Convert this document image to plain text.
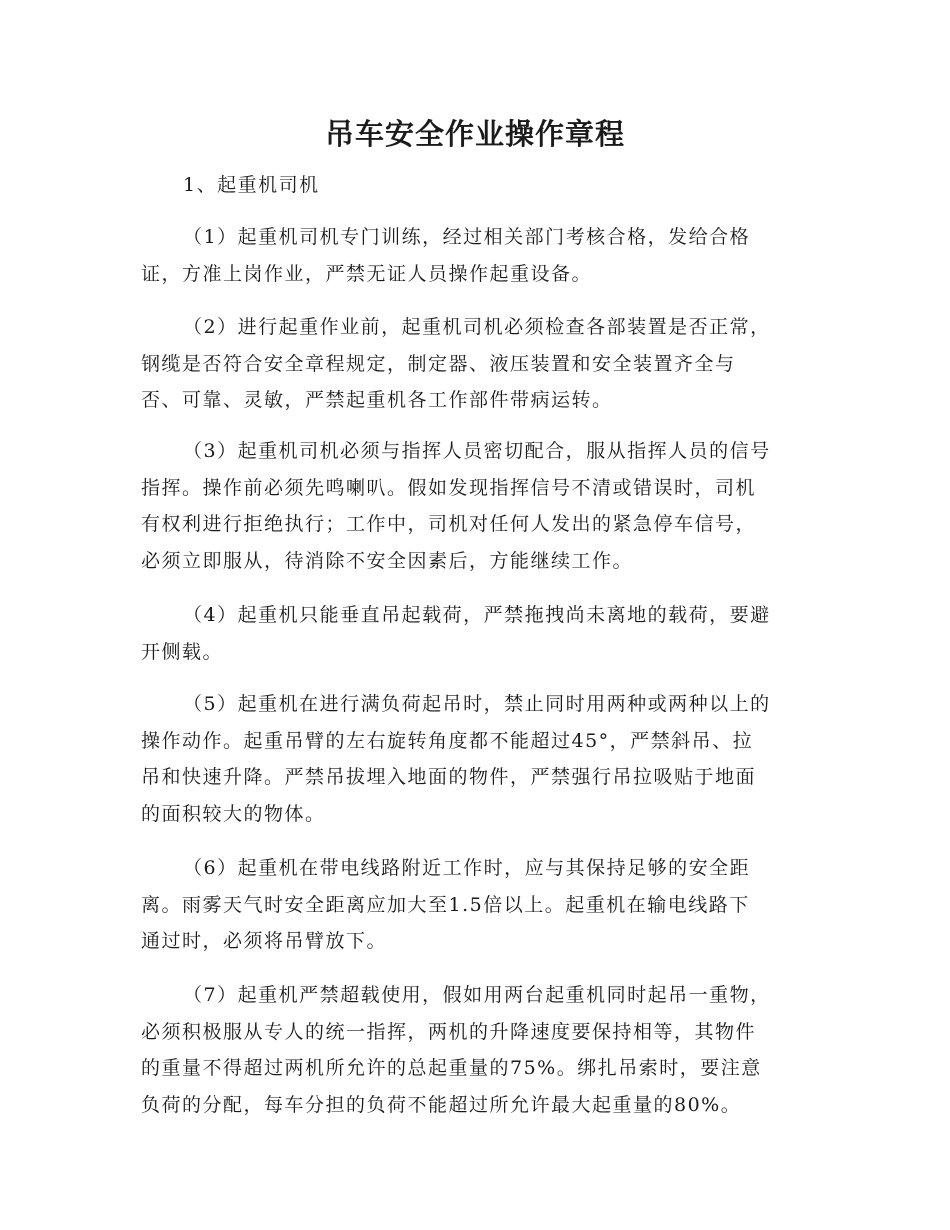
吊车安全作业操作章程

1、起重机司机

（1）起重机司机专门训练，经过相关部门考核合格，发给合格
证，方准上岗作业，严禁无证人员操作起重设备。

（2）进行起重作业前，起重机司机必须检查各部装置是否正常，
钢缆是否符合安全章程规定，制定器、液压装置和安全装置齐全与
否、可靠、灵敏，严禁起重机各工作部件带病运转。

（3）起重机司机必须与指挥人员密切配合，服从指挥人员的信号
指挥。操作前必须先鸣喇叭。假如发现指挥信号不清或错误时，司机
有权利进行拒绝执行；工作中，司机对任何人发出的紧急停车信号，
必须立即服从，待消除不安全因素后，方能继续工作。

（4）起重机只能垂直吊起载荷，严禁拖拽尚未离地的载荷，要避
开侧载。

（5）起重机在进行满负荷起吊时，禁止同时用两种或两种以上的
操作动作。起重吊臂的左右旋转角度都不能超过45°，严禁斜吊、拉
吊和快速升降。严禁吊拔埋入地面的物件，严禁强行吊拉吸贴于地面
的面积较大的物体。

（6）起重机在带电线路附近工作时，应与其保持足够的安全距
离。雨雾天气时安全距离应加大至1.5倍以上。起重机在输电线路下
通过时，必须将吊臂放下。

（7）起重机严禁超载使用，假如用两台起重机同时起吊一重物，
必须积极服从专人的统一指挥，两机的升降速度要保持相等，其物件
的重量不得超过两机所允许的总起重量的75%。绑扎吊索时，要注意
负荷的分配，每车分担的负荷不能超过所允许最大起重量的80%。
